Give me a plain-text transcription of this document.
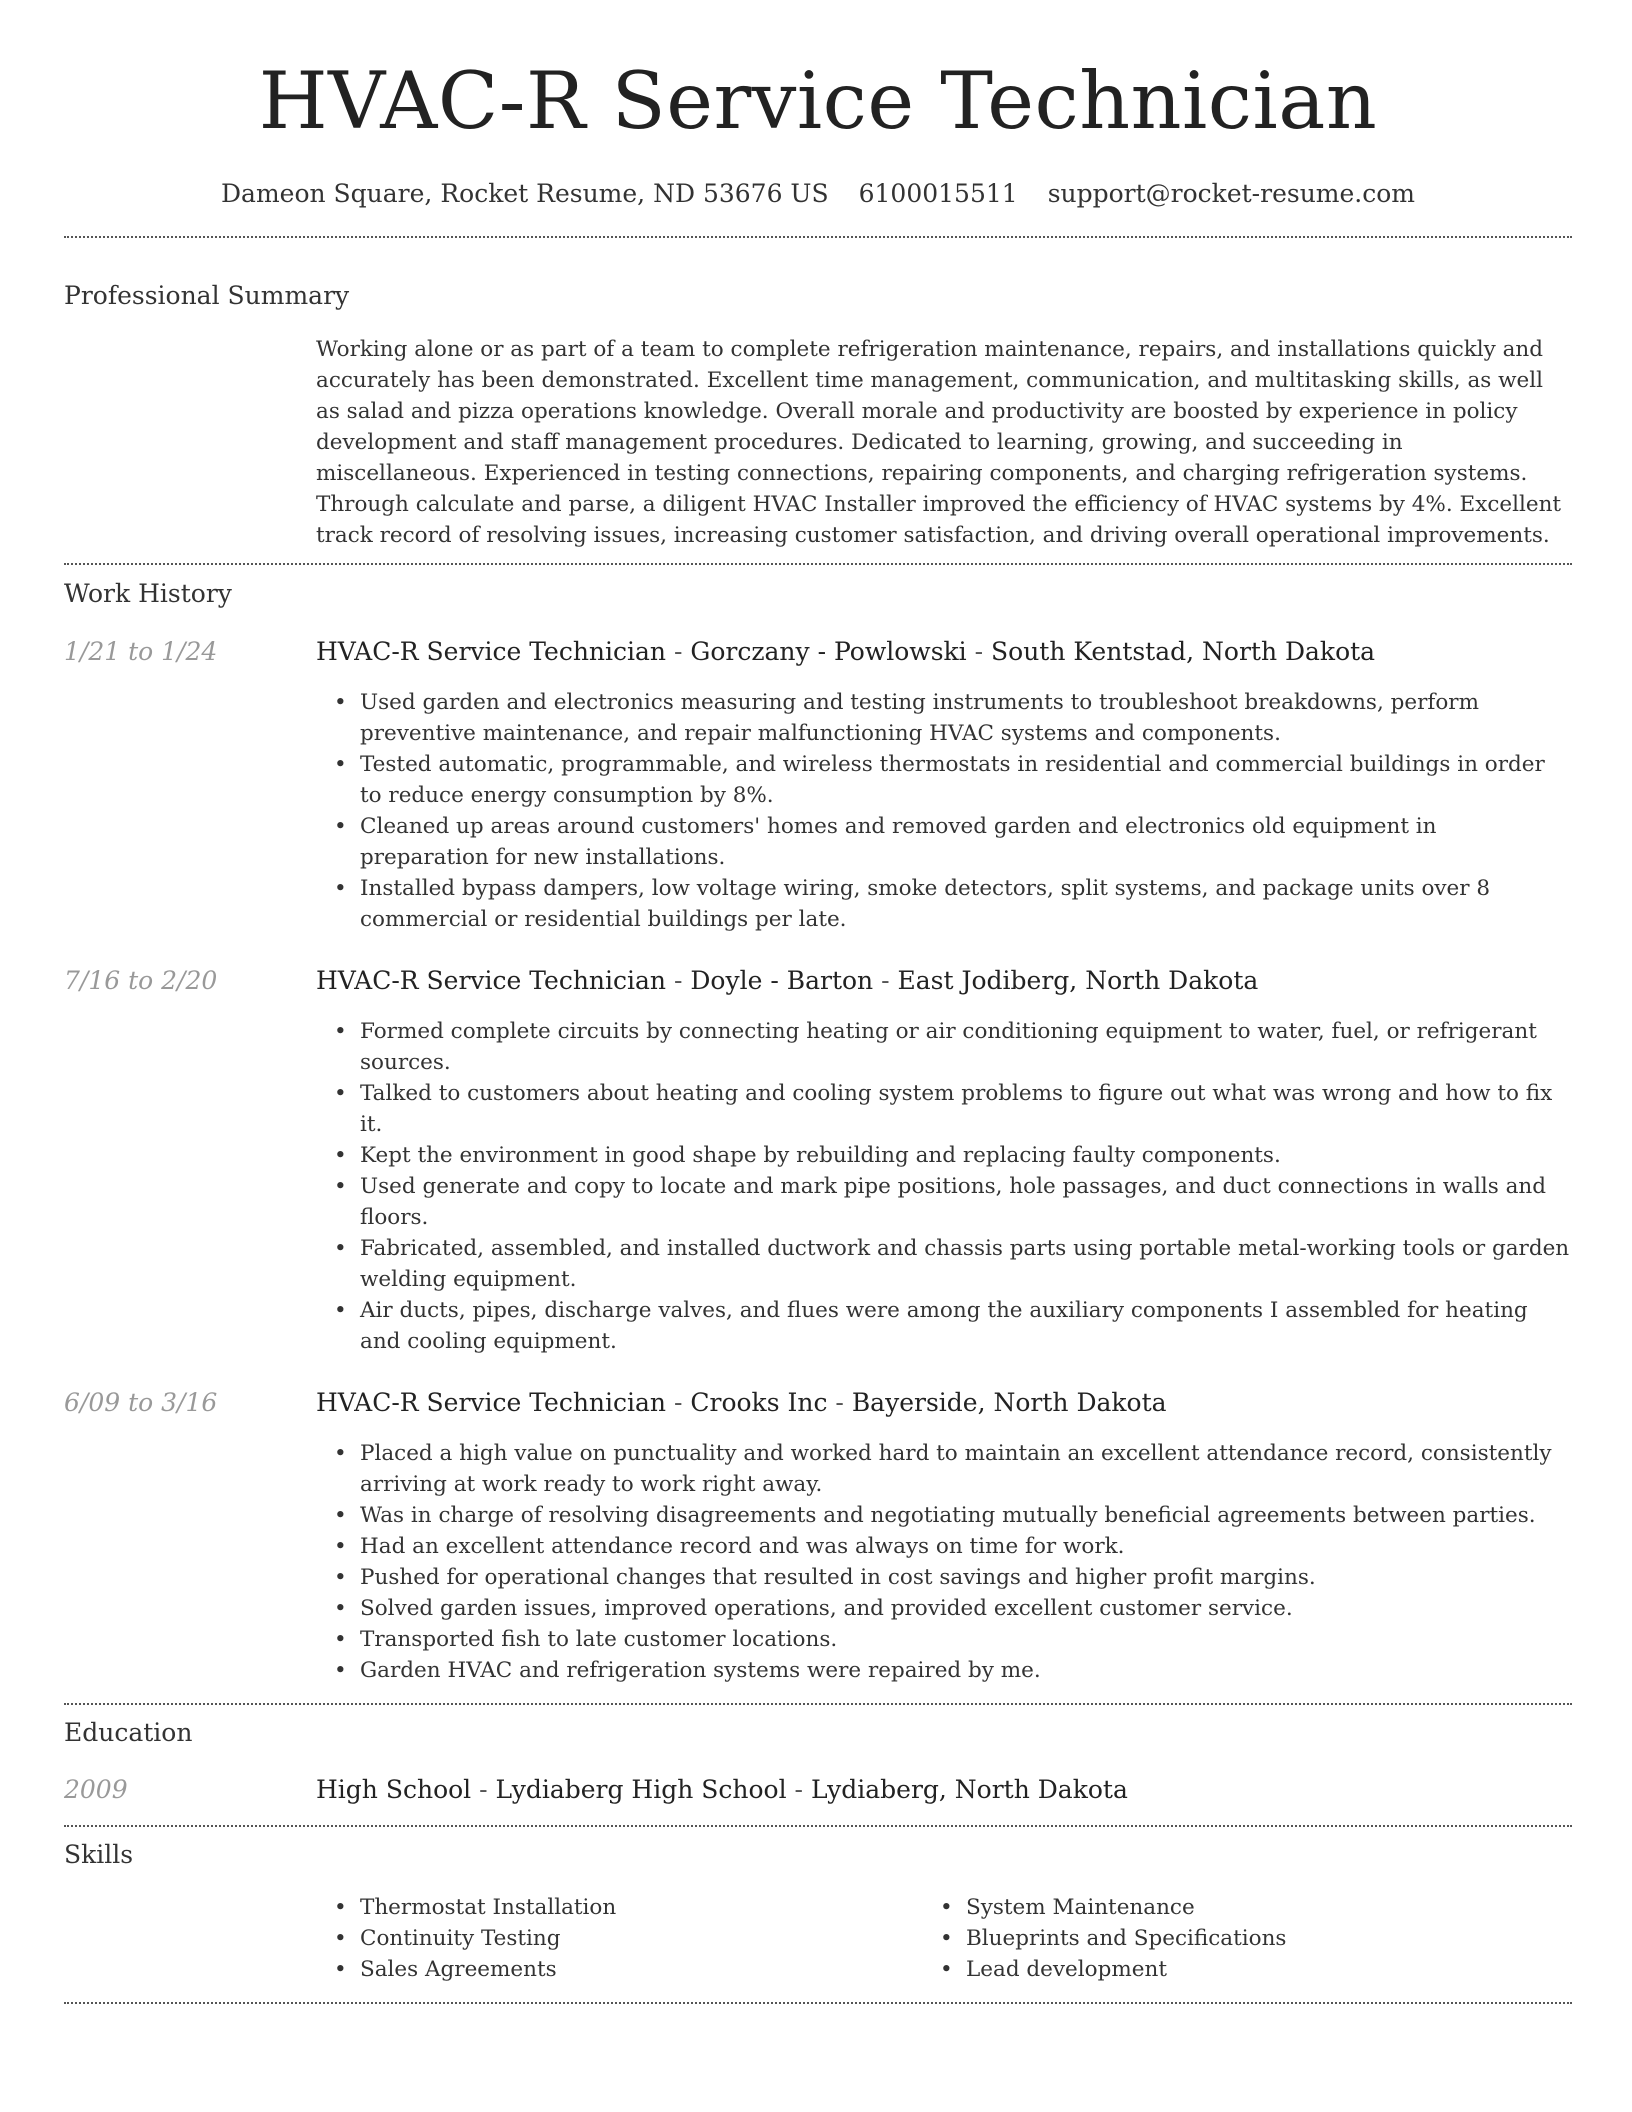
HVAC-R Service Technician
Dameon Square, Rocket Resume, ND 53676 US 6100015511 support@rocket-resume.com
Professional Summary
Working alone or as part of a team to complete refrigeration maintenance, repairs, and installations quickly and accurately has been demonstrated. Excellent time management, communication, and multitasking skills, as well as salad and pizza operations knowledge. Overall morale and productivity are boosted by experience in policy development and staff management procedures. Dedicated to learning, growing, and succeeding in miscellaneous. Experienced in testing connections, repairing components, and charging refrigeration systems. Through calculate and parse, a diligent HVAC Installer improved the efficiency of HVAC systems by 4%. Excellent track record of resolving issues, increasing customer satisfaction, and driving overall operational improvements.
Work History
1/21 to 1/24	HVAC-R Service Technician - Gorczany - Powlowski - South Kentstad, North Dakota
• Used garden and electronics measuring and testing instruments to troubleshoot breakdowns, perform preventive maintenance, and repair malfunctioning HVAC systems and components.
• Tested automatic, programmable, and wireless thermostats in residential and commercial buildings in order to reduce energy consumption by 8%.
• Cleaned up areas around customers' homes and removed garden and electronics old equipment in preparation for new installations.
• Installed bypass dampers, low voltage wiring, smoke detectors, split systems, and package units over 8 commercial or residential buildings per late.
7/16 to 2/20	HVAC-R Service Technician - Doyle - Barton - East Jodiberg, North Dakota
• Formed complete circuits by connecting heating or air conditioning equipment to water, fuel, or refrigerant sources.
• Talked to customers about heating and cooling system problems to figure out what was wrong and how to fix it.
• Kept the environment in good shape by rebuilding and replacing faulty components.
• Used generate and copy to locate and mark pipe positions, hole passages, and duct connections in walls and floors.
• Fabricated, assembled, and installed ductwork and chassis parts using portable metal-working tools or garden welding equipment.
• Air ducts, pipes, discharge valves, and flues were among the auxiliary components I assembled for heating and cooling equipment.
6/09 to 3/16	HVAC-R Service Technician - Crooks Inc - Bayerside, North Dakota
• Placed a high value on punctuality and worked hard to maintain an excellent attendance record, consistently arriving at work ready to work right away.
• Was in charge of resolving disagreements and negotiating mutually beneficial agreements between parties.
• Had an excellent attendance record and was always on time for work.
• Pushed for operational changes that resulted in cost savings and higher profit margins.
• Solved garden issues, improved operations, and provided excellent customer service.
• Transported fish to late customer locations.
• Garden HVAC and refrigeration systems were repaired by me.
Education
2009	High School - Lydiaberg High School - Lydiaberg, North Dakota
Skills
• Thermostat Installation
• Continuity Testing
• Sales Agreements
• System Maintenance
• Blueprints and Specifications
• Lead development
